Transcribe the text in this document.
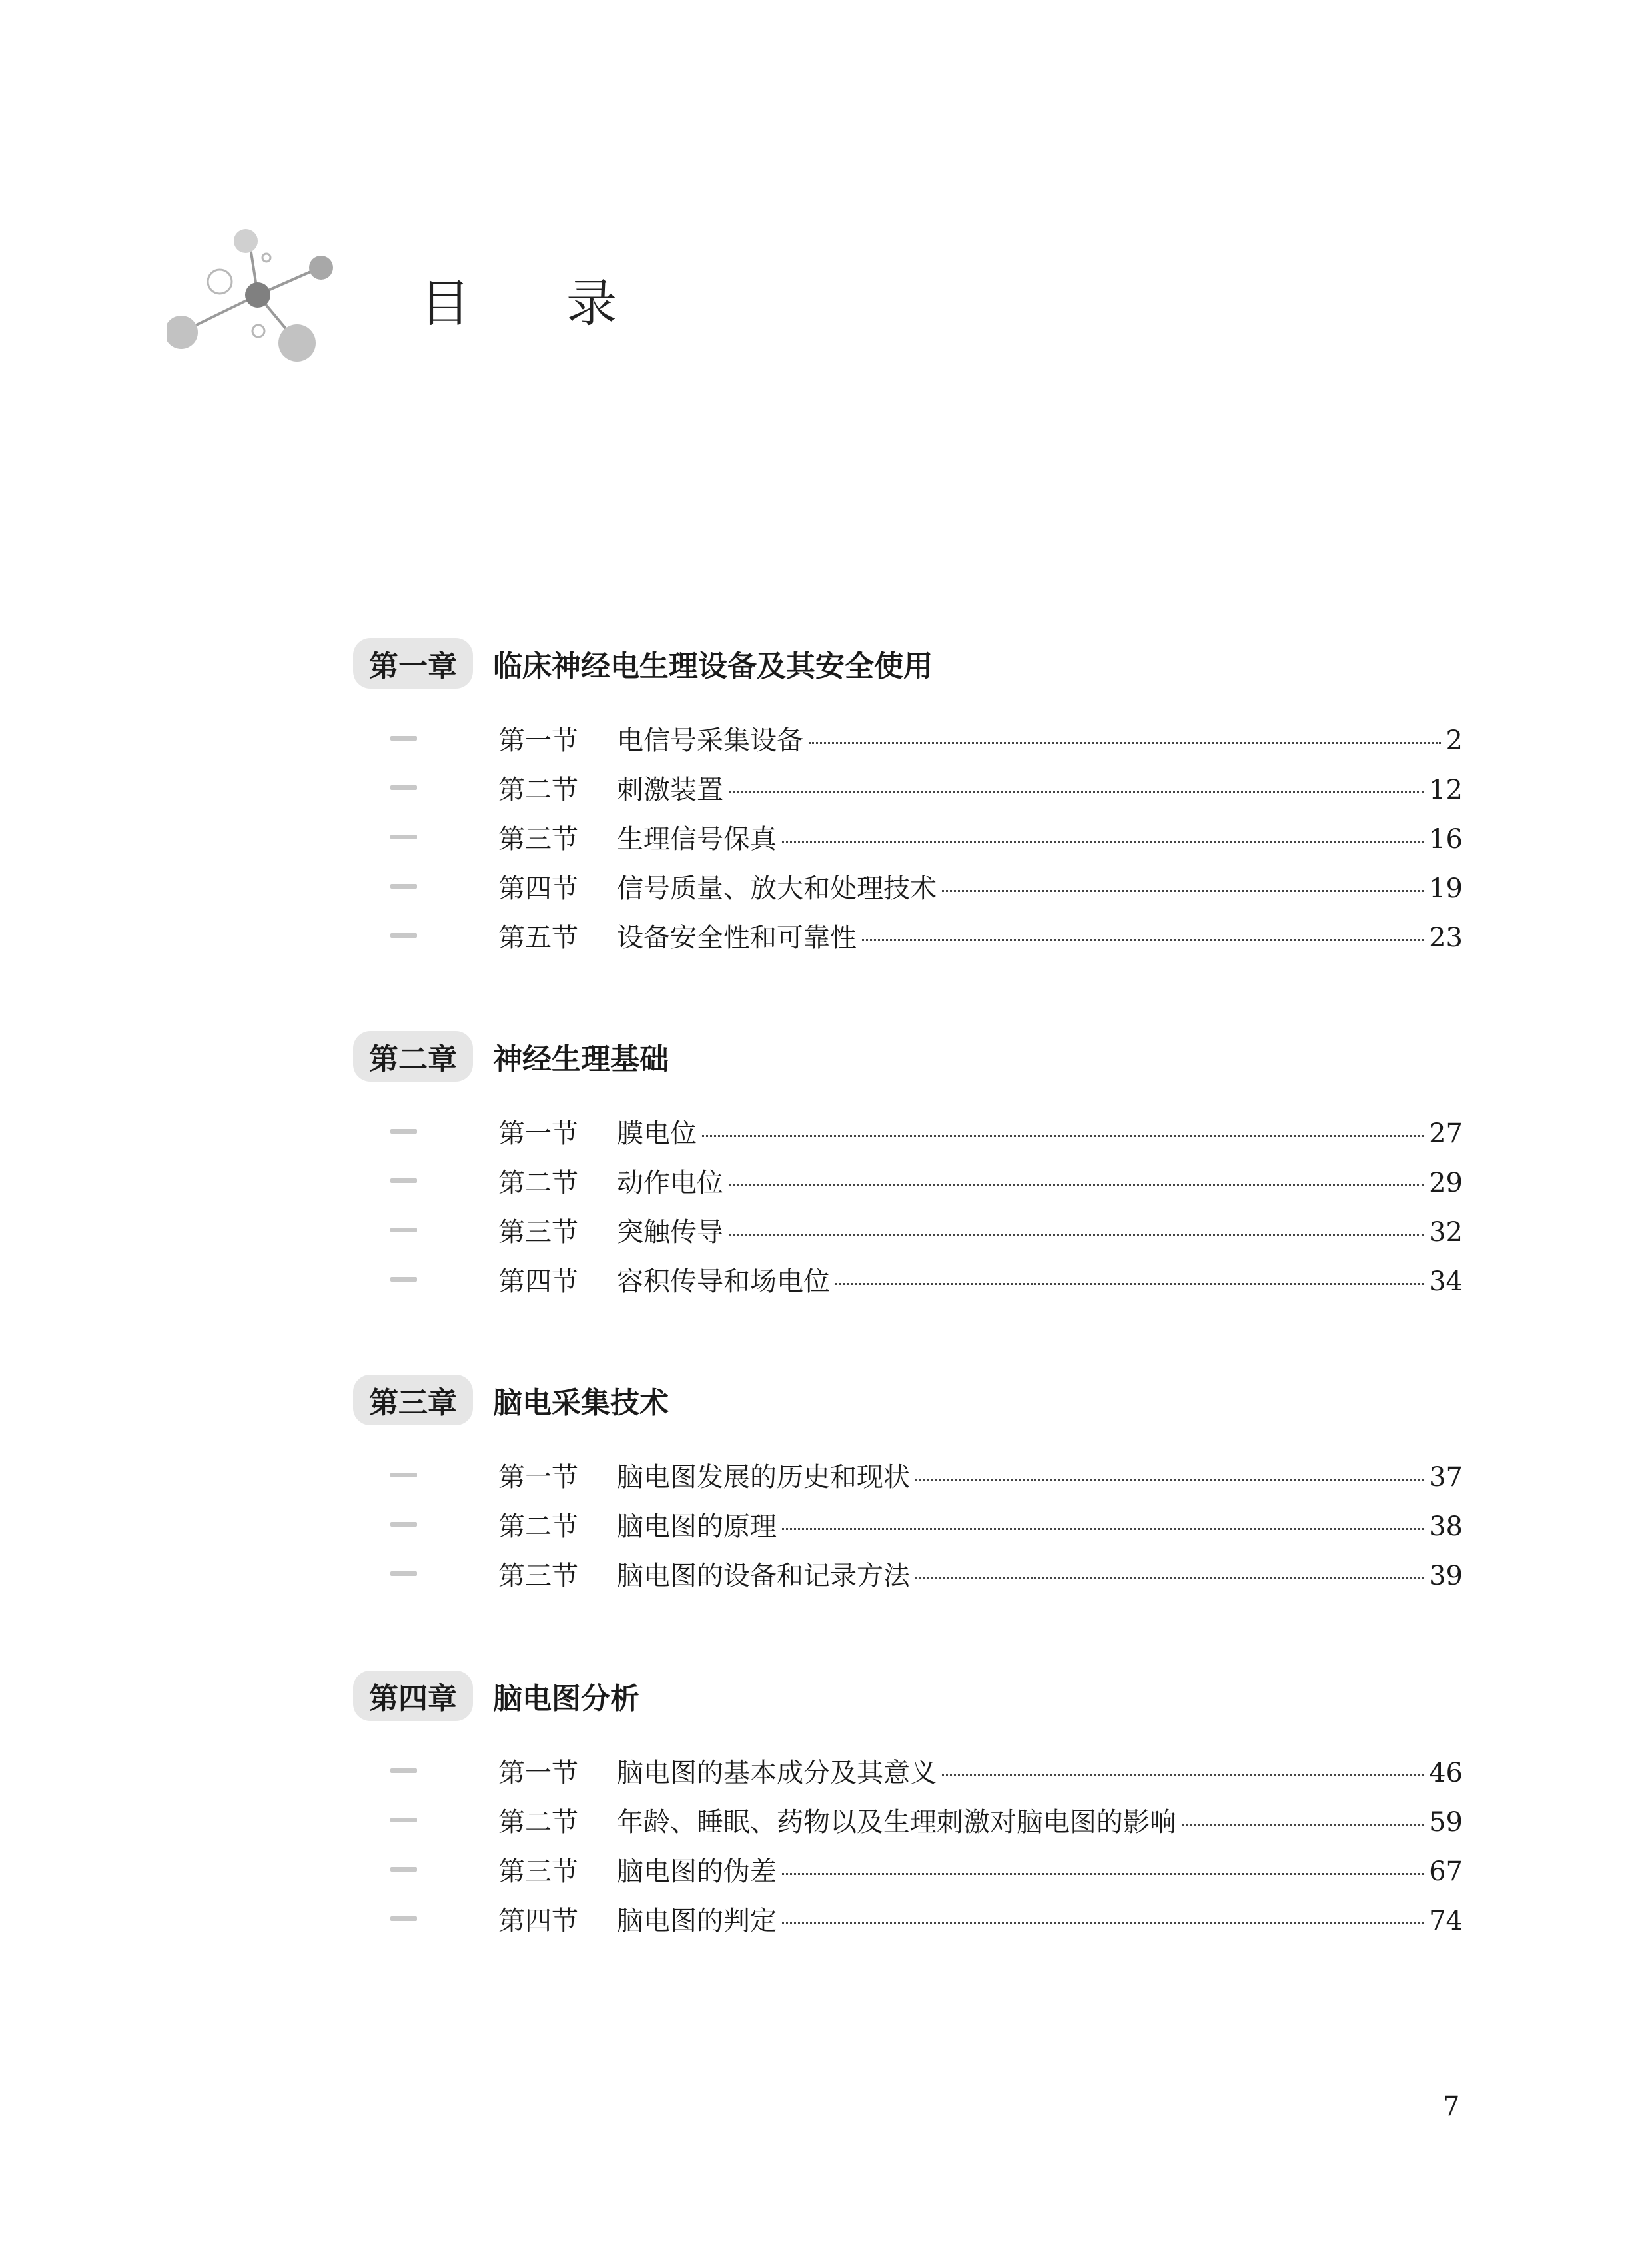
目 录
第一章	临床神经电生理设备及其安全使用
第一节 电信号采集设备	2
第二节 刺激装置	12
第三节 生理信号保真	16
第四节 信号质量、放大和处理技术	19
第五节 设备安全性和可靠性	23
第二章	神经生理基础
第一节 膜电位	27
第二节 动作电位	29
第三节 突触传导	32
第四节 容积传导和场电位	34
第三章	脑电采集技术
第一节 脑电图发展的历史和现状	37
第二节 脑电图的原理	38
第三节 脑电图的设备和记录方法	39
第四章	脑电图分析
第一节 脑电图的基本成分及其意义	46
第二节 年龄、睡眠、药物以及生理刺激对脑电图的影响	59
第三节 脑电图的伪差	67
第四节 脑电图的判定	74
7
